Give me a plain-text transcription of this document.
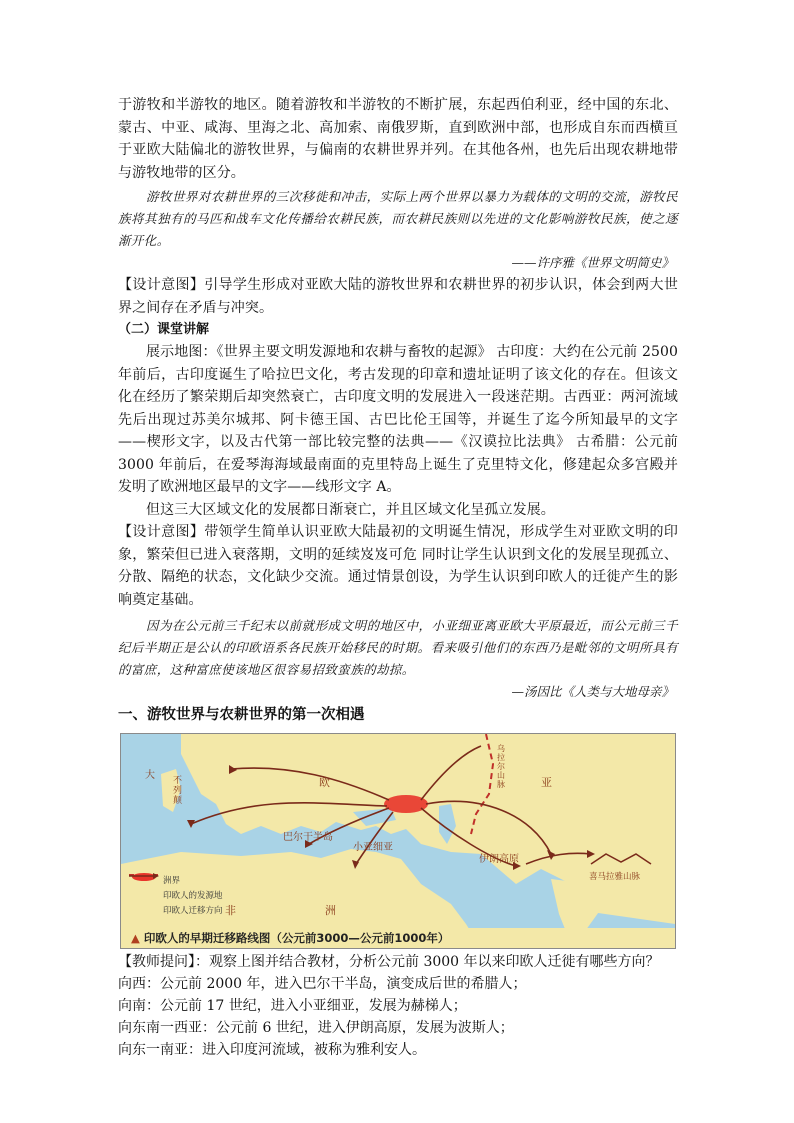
于游牧和半游牧的地区。随着游牧和半游牧的不断扩展，东起西伯利亚，经中国的东北、蒙古、中亚、咸海、里海之北、高加索、南俄罗斯，直到欧洲中部，也形成自东而西横亘于亚欧大陆偏北的游牧世界，与偏南的农耕世界并列。在其他各州，也先后出现农耕地带与游牧地带的区分。

游牧世界对农耕世界的三次移徙和冲击，实际上两个世界以暴力为载体的文明的交流，游牧民族将其独有的马匹和战车文化传播给农耕民族，而农耕民族则以先进的文化影响游牧民族，使之逐渐开化。

——许序雅《世界文明简史》

【设计意图】引导学生形成对亚欧大陆的游牧世界和农耕世界的初步认识，体会到两大世界之间存在矛盾与冲突。

（二）课堂讲解

展示地图：《世界主要文明发源地和农耕与畜牧的起源》 古印度：大约在公元前 2500 年前后，古印度诞生了哈拉巴文化，考古发现的印章和遗址证明了该文化的存在。但该文化在经历了繁荣期后却突然衰亡，古印度文明的发展进入一段迷茫期。古西亚：两河流域先后出现过苏美尔城邦、阿卡德王国、古巴比伦王国等，并诞生了迄今所知最早的文字——楔形文字，以及古代第一部比较完整的法典——《汉谟拉比法典》 古希腊：公元前 3000 年前后，在爱琴海海域最南面的克里特岛上诞生了克里特文化，修建起众多宫殿并发明了欧洲地区最早的文字——线形文字 A。

但这三大区域文化的发展都日渐衰亡，并且区域文化呈孤立发展。

【设计意图】带领学生简单认识亚欧大陆最初的文明诞生情况，形成学生对亚欧文明的印象，繁荣但已进入衰落期，文明的延续岌岌可危 同时让学生认识到文化的发展呈现孤立、分散、隔绝的状态，文化缺少交流。通过情景创设，为学生认识到印欧人的迁徙产生的影响奠定基础。

因为在公元前三千纪末以前就形成文明的地区中，小亚细亚离亚欧大平原最近，而公元前三千纪后半期正是公认的印欧语系各民族开始移民的时期。看来吸引他们的东西乃是毗邻的文明所具有的富庶，这种富庶使该地区很容易招致蛮族的劫掠。

—汤因比《人类与大地母亲》

一、游牧世界与农耕世界的第一次相遇

大 不列颠
欧
巴尔干半岛
小亚细亚
伊朗高原
非	洲
亚
喜马拉雅山脉
乌拉尔山脉
洲界
印欧人的发源地
印欧人迁移方向
▲ 印欧人的早期迁移路线图（公元前3000—公元前1000年）

【教师提问】：观察上图并结合教材，分析公元前 3000 年以来印欧人迁徙有哪些方向？

向西：公元前 2000 年，进入巴尔干半岛，演变成后世的希腊人；

向南：公元前 17 世纪，进入小亚细亚，发展为赫梯人；

向东南一西亚：公元前 6 世纪，进入伊朗高原，发展为波斯人；

向东一南亚：进入印度河流域，被称为雅利安人。
